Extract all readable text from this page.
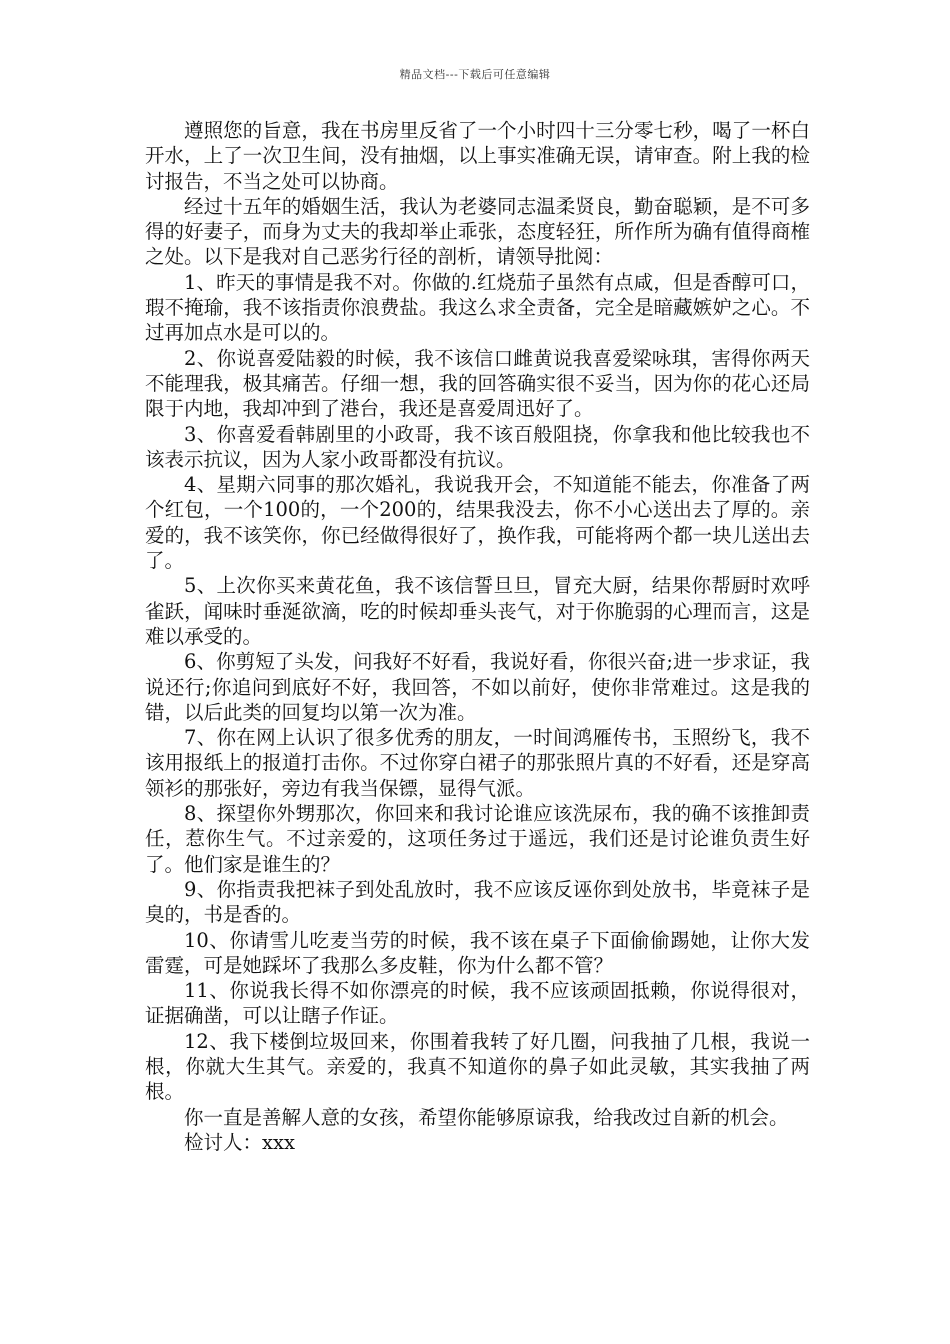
精品文档---下载后可任意编辑

遵照您的旨意，我在书房里反省了一个小时四十三分零七秒，喝了一杯白开水，上了一次卫生间，没有抽烟，以上事实准确无误，请审查。附上我的检讨报告，不当之处可以协商。

经过十五年的婚姻生活，我认为老婆同志温柔贤良，勤奋聪颖，是不可多得的好妻子，而身为丈夫的我却举止乖张，态度轻狂，所作所为确有值得商榷之处。以下是我对自己恶劣行径的剖析，请领导批阅：

1、昨天的事情是我不对。你做的.红烧茄子虽然有点咸，但是香醇可口，瑕不掩瑜，我不该指责你浪费盐。我这么求全责备，完全是暗藏嫉妒之心。不过再加点水是可以的。

2、你说喜爱陆毅的时候，我不该信口雌黄说我喜爱梁咏琪，害得你两天不能理我，极其痛苦。仔细一想，我的回答确实很不妥当，因为你的花心还局限于内地，我却冲到了港台，我还是喜爱周迅好了。

3、你喜爱看韩剧里的小政哥，我不该百般阻挠，你拿我和他比较我也不该表示抗议，因为人家小政哥都没有抗议。

4、星期六同事的那次婚礼，我说我开会，不知道能不能去，你准备了两个红包，一个100的，一个200的，结果我没去，你不小心送出去了厚的。亲爱的，我不该笑你，你已经做得很好了，换作我，可能将两个都一块儿送出去了。

5、上次你买来黄花鱼，我不该信誓旦旦，冒充大厨，结果你帮厨时欢呼雀跃，闻味时垂涎欲滴，吃的时候却垂头丧气，对于你脆弱的心理而言，这是难以承受的。

6、你剪短了头发，问我好不好看，我说好看，你很兴奋;进一步求证，我说还行;你追问到底好不好，我回答，不如以前好，使你非常难过。这是我的错，以后此类的回复均以第一次为准。

7、你在网上认识了很多优秀的朋友，一时间鸿雁传书，玉照纷飞，我不该用报纸上的报道打击你。不过你穿白裙子的那张照片真的不好看，还是穿高领衫的那张好，旁边有我当保镖，显得气派。

8、探望你外甥那次，你回来和我讨论谁应该洗尿布，我的确不该推卸责任，惹你生气。不过亲爱的，这项任务过于遥远，我们还是讨论谁负责生好了。他们家是谁生的？

9、你指责我把袜子到处乱放时，我不应该反诬你到处放书，毕竟袜子是臭的，书是香的。

10、你请雪儿吃麦当劳的时候，我不该在桌子下面偷偷踢她，让你大发雷霆，可是她踩坏了我那么多皮鞋，你为什么都不管？

11、你说我长得不如你漂亮的时候，我不应该顽固抵赖，你说得很对，证据确凿，可以让瞎子作证。

12、我下楼倒垃圾回来，你围着我转了好几圈，问我抽了几根，我说一根，你就大生其气。亲爱的，我真不知道你的鼻子如此灵敏，其实我抽了两根。

你一直是善解人意的女孩，希望你能够原谅我，给我改过自新的机会。

检讨人：xxx
